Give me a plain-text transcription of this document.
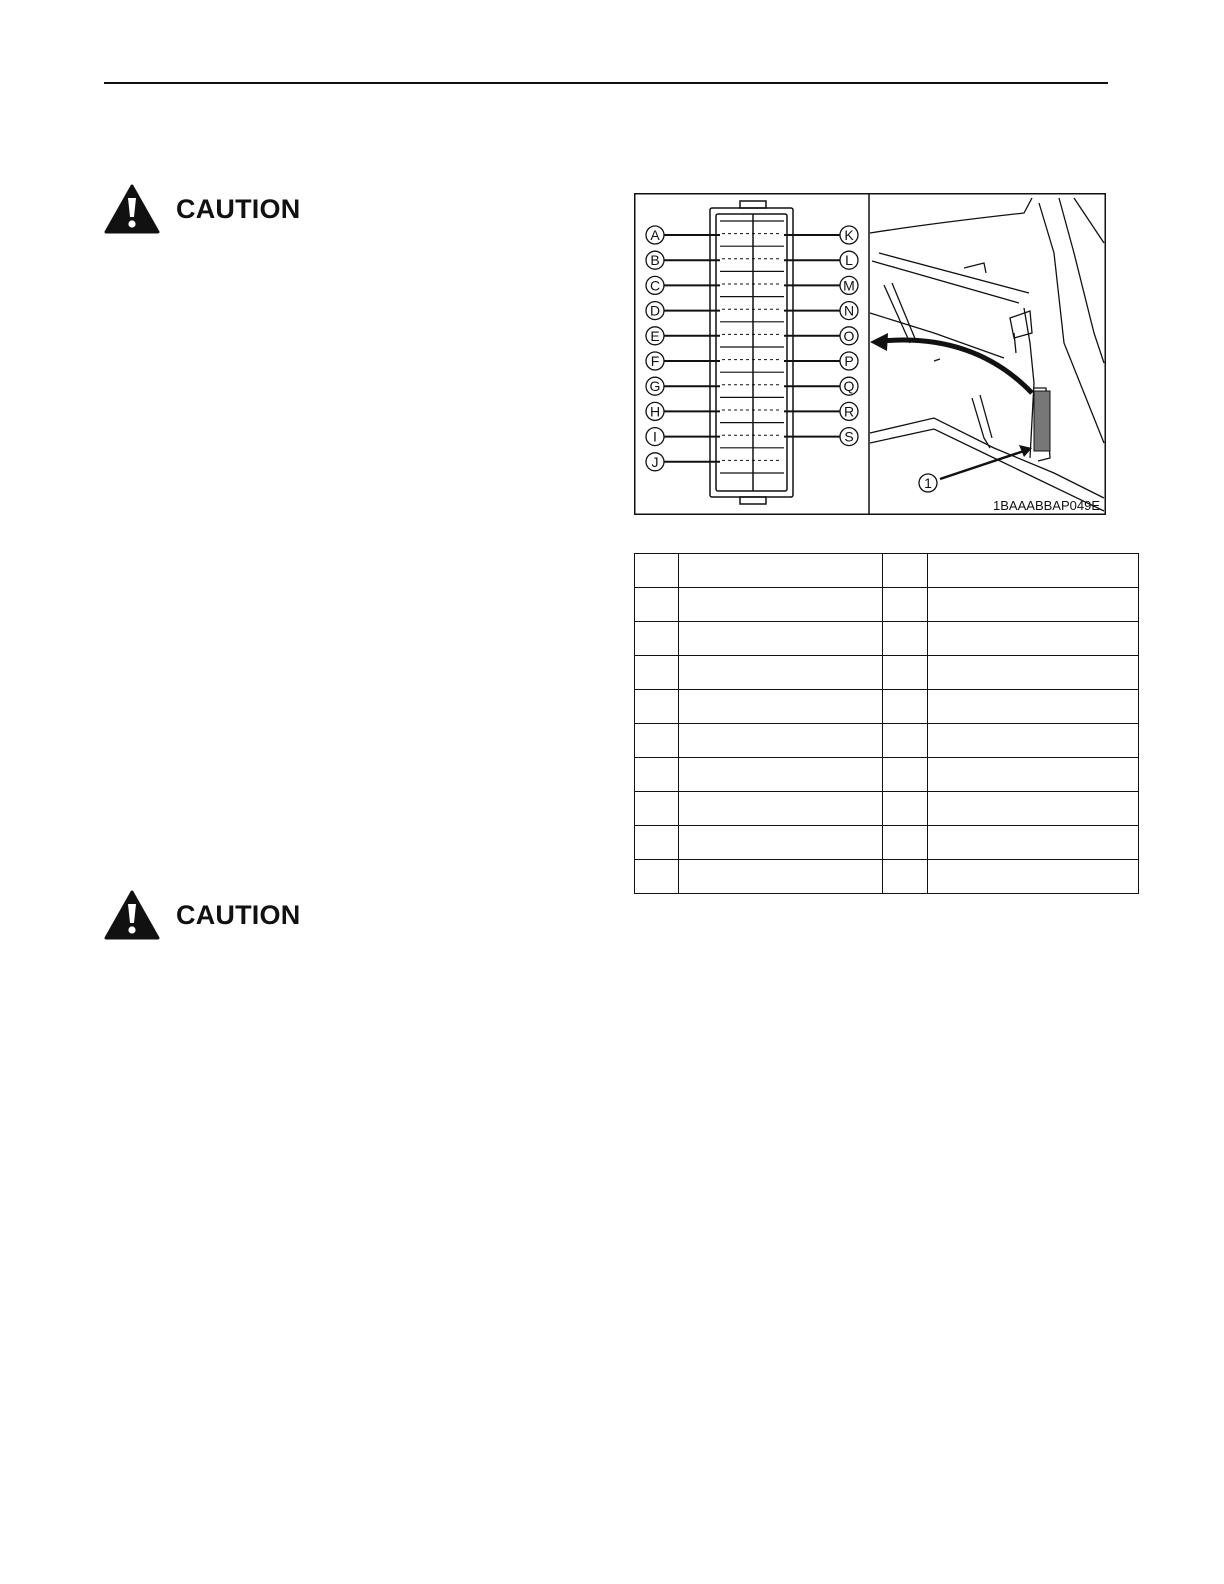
CAUTION
CAUTION
A
B
C
D
E
F
G
H
I
J
K
L
M
N
O
P
Q
R
S
1
1BAAABBAP049E
